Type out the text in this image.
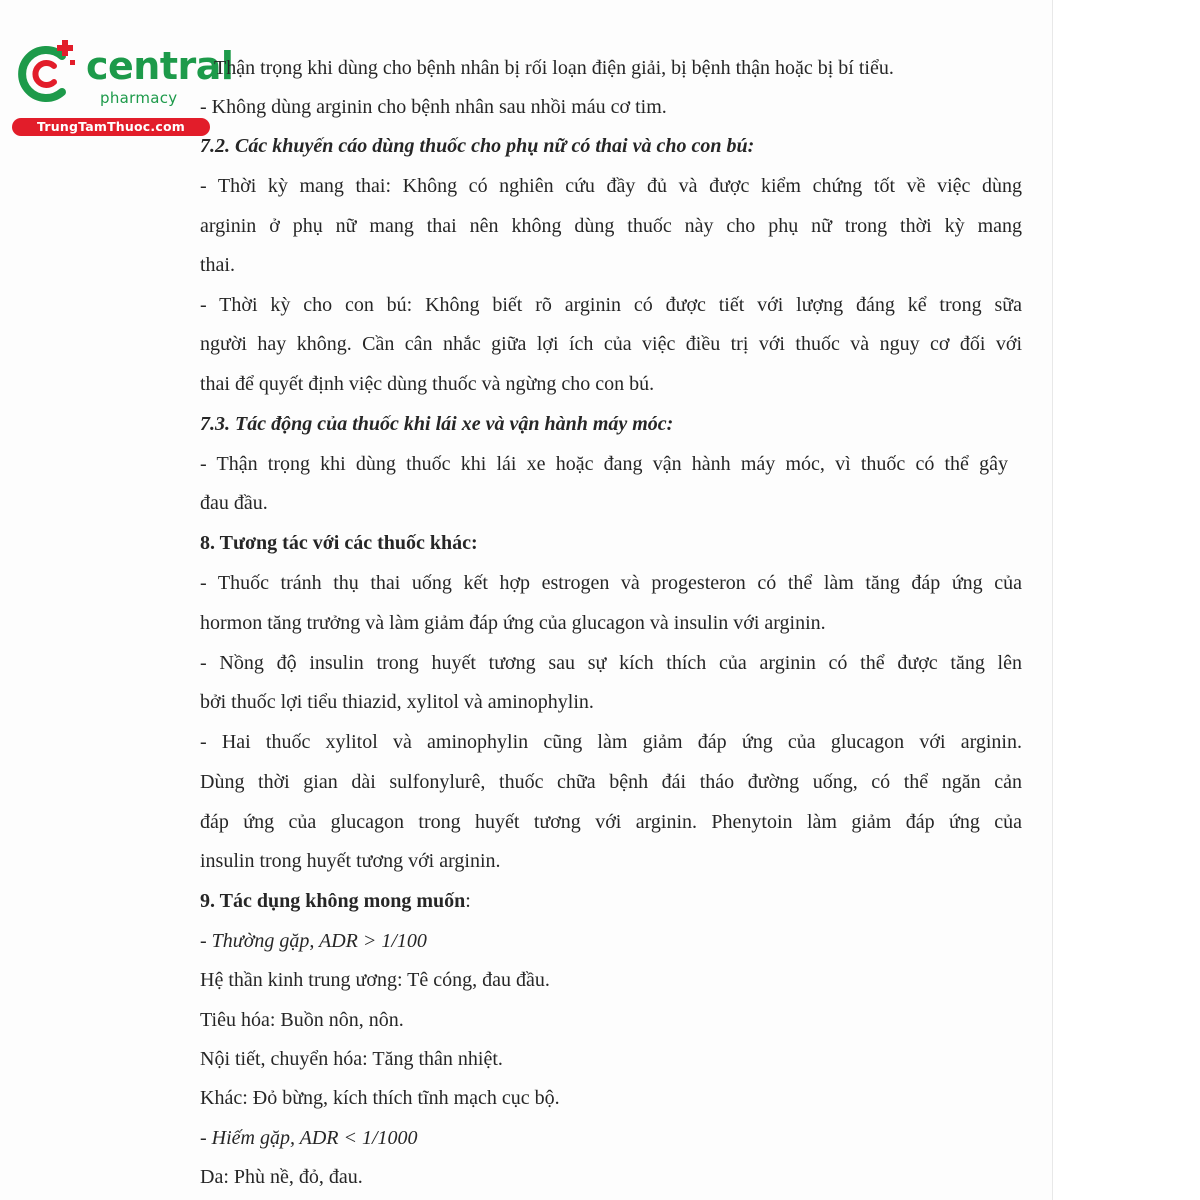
central
pharmacy
TrungTamThuoc.com
Thận trọng khi dùng cho bệnh nhân bị rối loạn điện giải, bị bệnh thận hoặc bị bí tiểu.
- Không dùng arginin cho bệnh nhân sau nhồi máu cơ tim.
7.2. Các khuyến cáo dùng thuốc cho phụ nữ có thai và cho con bú:
- Thời kỳ mang thai: Không có nghiên cứu đầy đủ và được kiểm chứng tốt về việc dùng
arginin ở phụ nữ mang thai nên không dùng thuốc này cho phụ nữ trong thời kỳ mang
thai.
- Thời kỳ cho con bú: Không biết rõ arginin có được tiết với lượng đáng kể trong sữa
người hay không. Cần cân nhắc giữa lợi ích của việc điều trị với thuốc và nguy cơ đối với
thai để quyết định việc dùng thuốc và ngừng cho con bú.
7.3. Tác động của thuốc khi lái xe và vận hành máy móc:
- Thận trọng khi dùng thuốc khi lái xe hoặc đang vận hành máy móc, vì thuốc có thể gây
đau đầu.
8. Tương tác với các thuốc khác:
- Thuốc tránh thụ thai uống kết hợp estrogen và progesteron có thể làm tăng đáp ứng của
hormon tăng trưởng và làm giảm đáp ứng của glucagon và insulin với arginin.
- Nồng độ insulin trong huyết tương sau sự kích thích của arginin có thể được tăng lên
bởi thuốc lợi tiểu thiazid, xylitol và aminophylin.
- Hai thuốc xylitol và aminophylin cũng làm giảm đáp ứng của glucagon với arginin.
Dùng thời gian dài sulfonylurê, thuốc chữa bệnh đái tháo đường uống, có thể ngăn cản
đáp ứng của glucagon trong huyết tương với arginin. Phenytoin làm giảm đáp ứng của
insulin trong huyết tương với arginin.
9. Tác dụng không mong muốn:
- Thường gặp, ADR > 1/100
Hệ thần kinh trung ương: Tê cóng, đau đầu.
Tiêu hóa: Buồn nôn, nôn.
Nội tiết, chuyển hóa: Tăng thân nhiệt.
Khác: Đỏ bừng, kích thích tĩnh mạch cục bộ.
- Hiếm gặp, ADR < 1/1000
Da: Phù nề, đỏ, đau.
